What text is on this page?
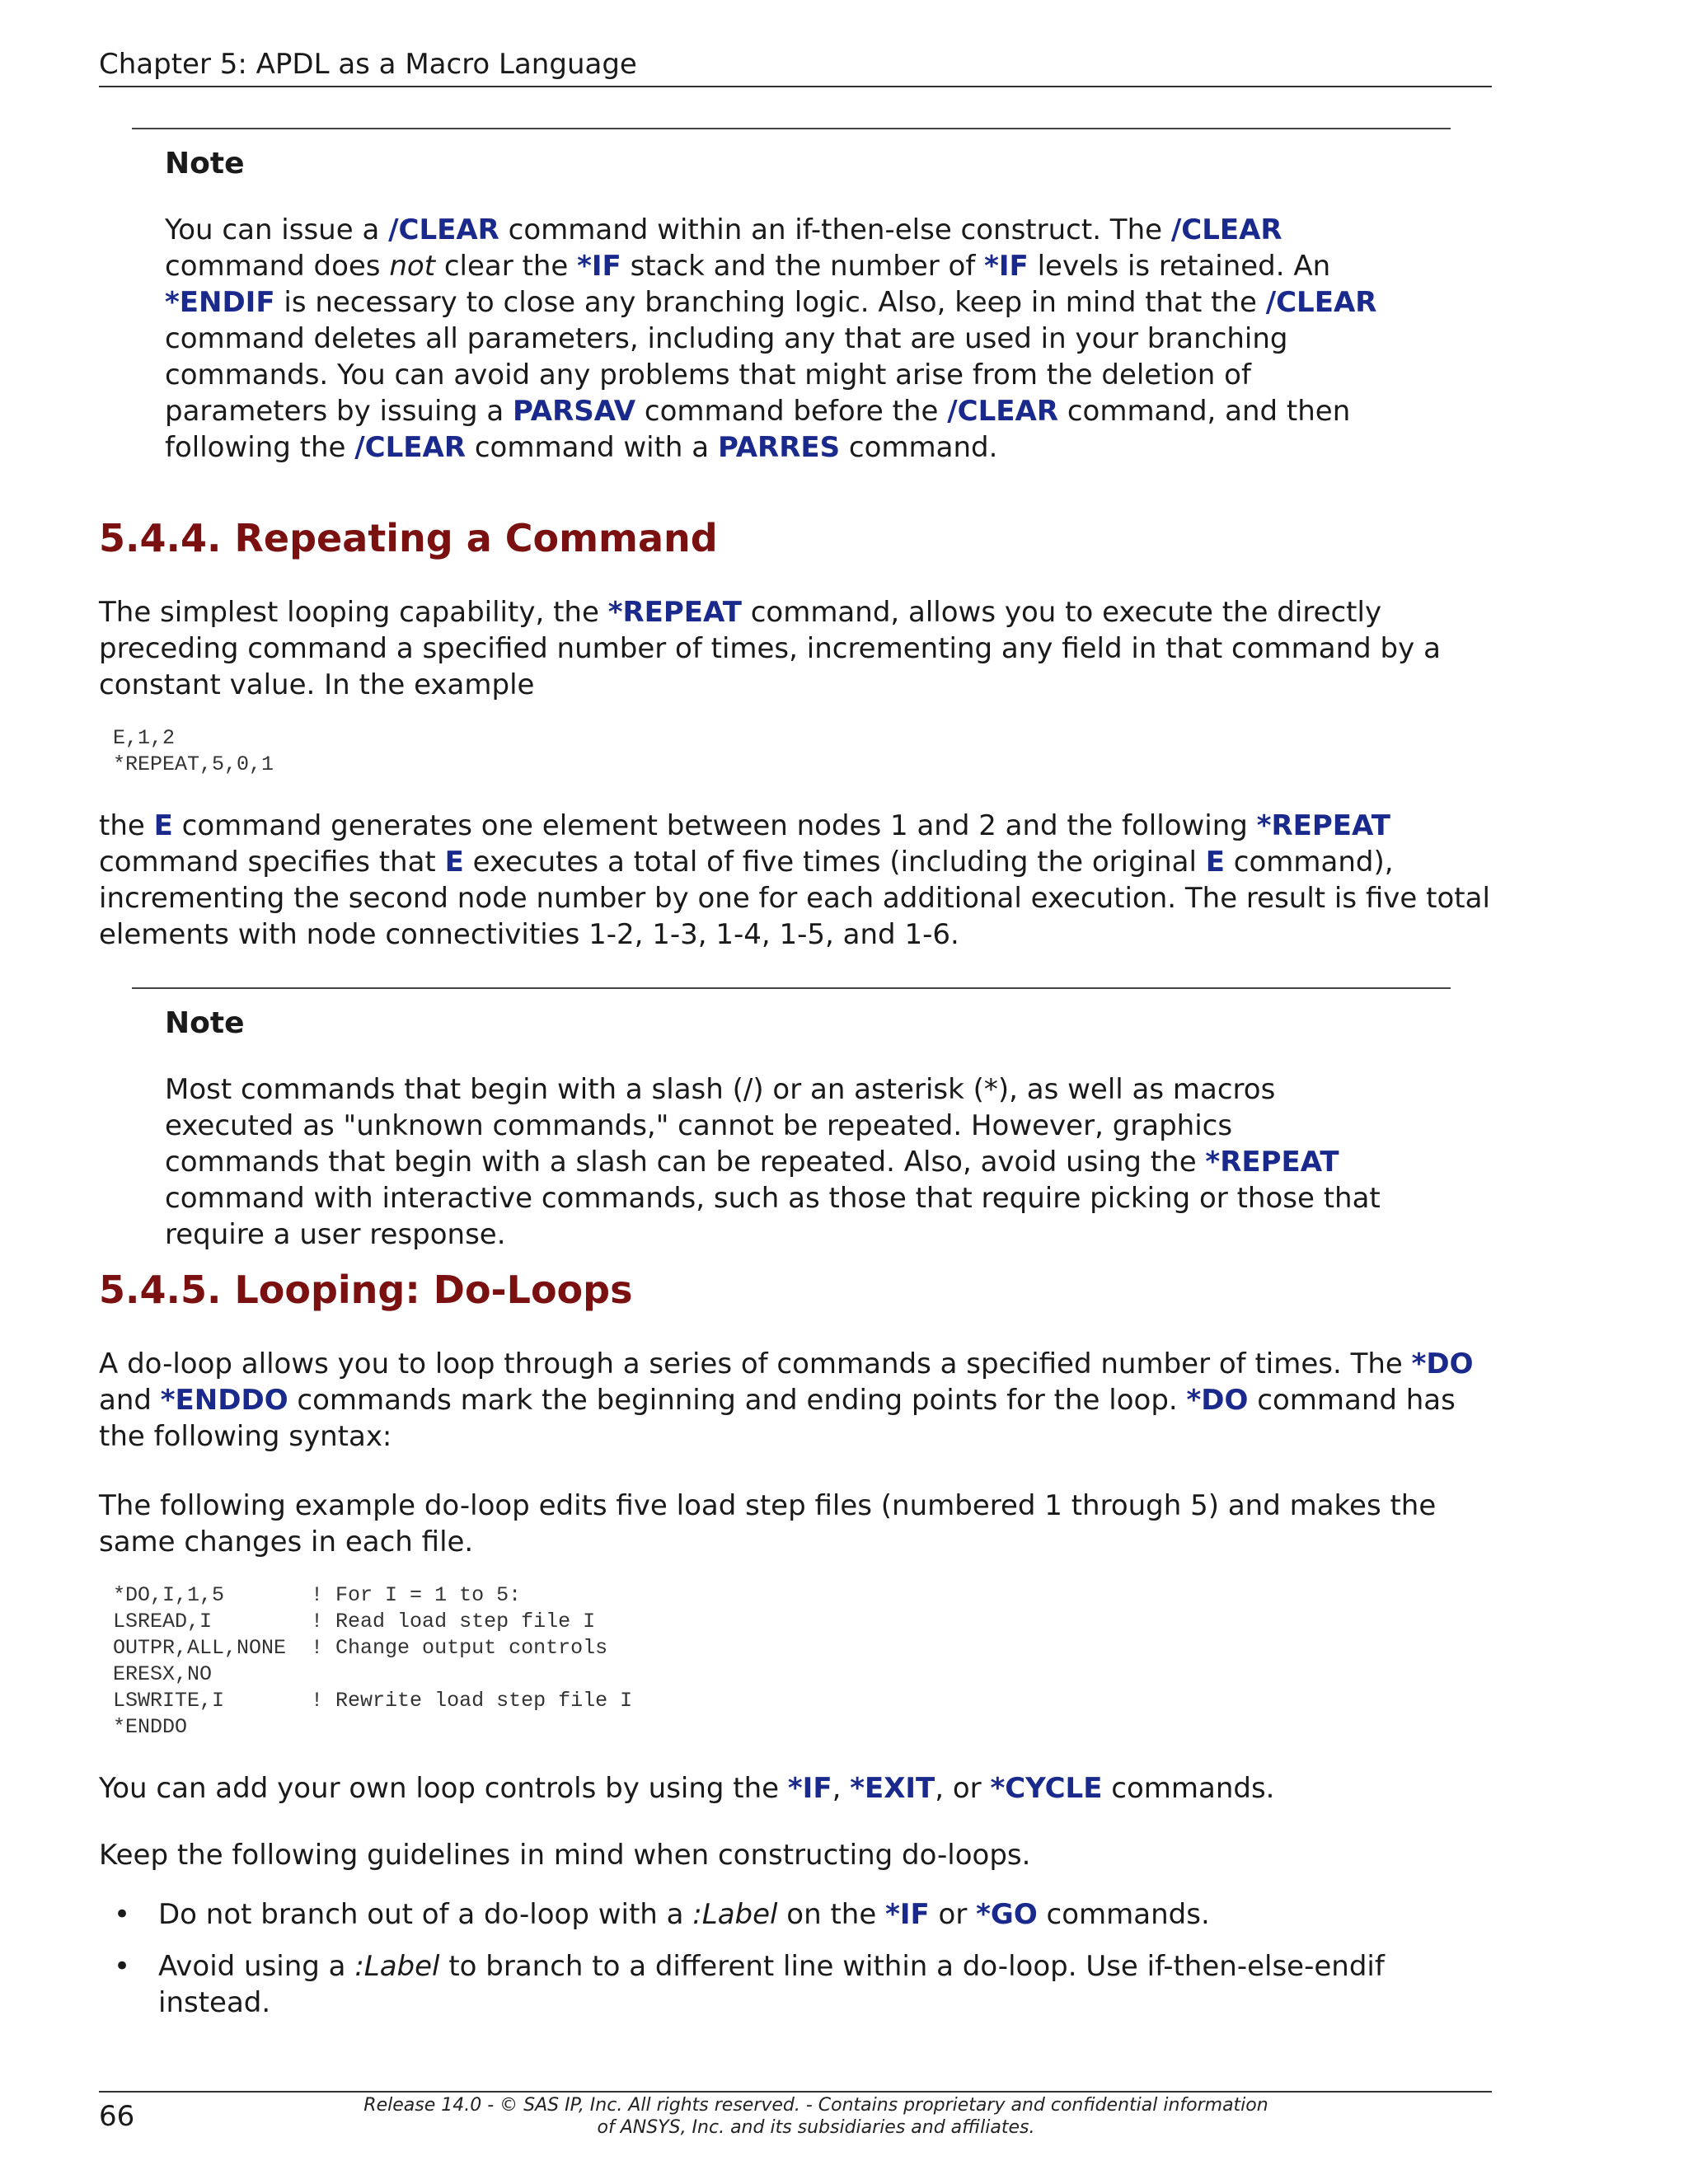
Chapter 5: APDL as a Macro Language
Note
You can issue a /CLEAR command within an if-then-else construct. The /CLEAR command does not clear the *IF stack and the number of *IF levels is retained. An *ENDIF is necessary to close any branching logic. Also, keep in mind that the /CLEAR command deletes all parameters, including any that are used in your branching commands. You can avoid any problems that might arise from the deletion of parameters by issuing a PARSAV command before the /CLEAR command, and then following the /CLEAR command with a PARRES command.
5.4.4. Repeating a Command

The simplest looping capability, the *REPEAT command, allows you to execute the directly preceding command a specified number of times, incrementing any field in that command by a constant value. In the example

E,1,2
*REPEAT,5,0,1

the E command generates one element between nodes 1 and 2 and the following *REPEAT command specifies that E executes a total of five times (including the original E command), incrementing the second node number by one for each additional execution. The result is five total elements with node connectivities 1-2, 1-3, 1-4, 1-5, and 1-6.

Note
Most commands that begin with a slash (/) or an asterisk (*), as well as macros executed as "unknown commands," cannot be repeated. However, graphics commands that begin with a slash can be repeated. Also, avoid using the *REPEAT command with interactive commands, such as those that require picking or those that require a user response.
5.4.5. Looping: Do-Loops

A do-loop allows you to loop through a series of commands a specified number of times. The *DO and *ENDDO commands mark the beginning and ending points for the loop. *DO command has the following syntax:

The following example do-loop edits five load step files (numbered 1 through 5) and makes the same changes in each file.

*DO,I,1,5       ! For I = 1 to 5:
LSREAD,I        ! Read load step file I
OUTPR,ALL,NONE  ! Change output controls
ERESX,NO
LSWRITE,I       ! Rewrite load step file I
*ENDDO

You can add your own loop controls by using the *IF, *EXIT, or *CYCLE commands.

Keep the following guidelines in mind when constructing do-loops.

• Do not branch out of a do-loop with a :Label on the *IF or *GO commands.
• Avoid using a :Label to branch to a different line within a do-loop. Use if-then-else-endif instead.
66	Release 14.0 - © SAS IP, Inc. All rights reserved. - Contains proprietary and confidential information
of ANSYS, Inc. and its subsidiaries and affiliates.
